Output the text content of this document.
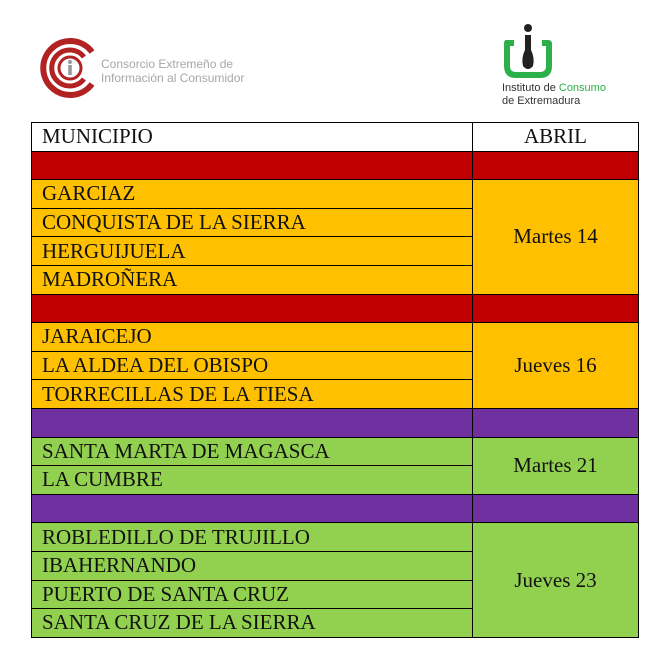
Consorcio Extremeño de
Información al Consumidor
Instituto de Consumo
de Extremadura
MUNICIPIO	ABRIL

GARCIAZ	Martes 14
CONQUISTA DE LA SIERRA	
HERGUIJUELA	
MADROÑERA	

JARAICEJO	Jueves 16
LA ALDEA DEL OBISPO	
TORRECILLAS DE LA TIESA	

SANTA MARTA DE MAGASCA	Martes 21
LA CUMBRE	

ROBLEDILLO DE TRUJILLO	Jueves 23
IBAHERNANDO	
PUERTO DE SANTA CRUZ	
SANTA CRUZ DE LA SIERRA	
